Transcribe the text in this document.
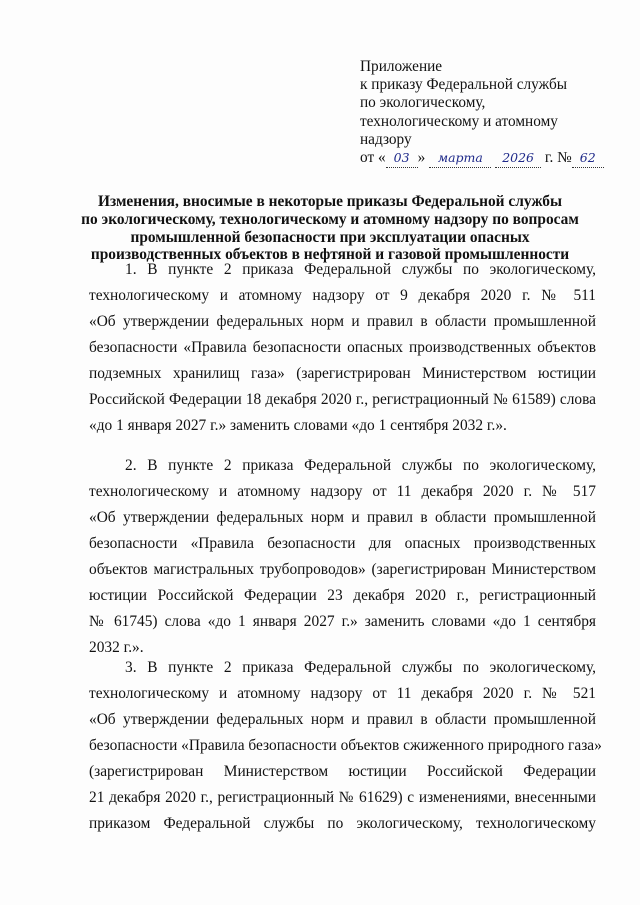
Приложение
к приказу Федеральной службы
по экологическому,
технологическому и атомному
надзору
от « 03 » марта 2026 г. № 62
Изменения, вносимые в некоторые приказы Федеральной службы
по экологическому, технологическому и атомному надзору по вопросам
промышленной безопасности при эксплуатации опасных
производственных объектов в нефтяной и газовой промышленности
1. В пункте 2 приказа Федеральной службы по экологическому,
технологическому и атомному надзору от 9 декабря 2020 г. № 511
«Об утверждении федеральных норм и правил в области промышленной
безопасности «Правила безопасности опасных производственных объектов
подземных хранилищ газа» (зарегистрирован Министерством юстиции
Российской Федерации 18 декабря 2020 г., регистрационный № 61589) слова
«до 1 января 2027 г.» заменить словами «до 1 сентября 2032 г.».
2. В пункте 2 приказа Федеральной службы по экологическому,
технологическому и атомному надзору от 11 декабря 2020 г. № 517
«Об утверждении федеральных норм и правил в области промышленной
безопасности «Правила безопасности для опасных производственных
объектов магистральных трубопроводов» (зарегистрирован Министерством
юстиции Российской Федерации 23 декабря 2020 г., регистрационный
№ 61745) слова «до 1 января 2027 г.» заменить словами «до 1 сентября
2032 г.».
3. В пункте 2 приказа Федеральной службы по экологическому,
технологическому и атомному надзору от 11 декабря 2020 г. № 521
«Об утверждении федеральных норм и правил в области промышленной
безопасности «Правила безопасности объектов сжиженного природного газа»
(зарегистрирован Министерством юстиции Российской Федерации
21 декабря 2020 г., регистрационный № 61629) с изменениями, внесенными
приказом Федеральной службы по экологическому, технологическому
